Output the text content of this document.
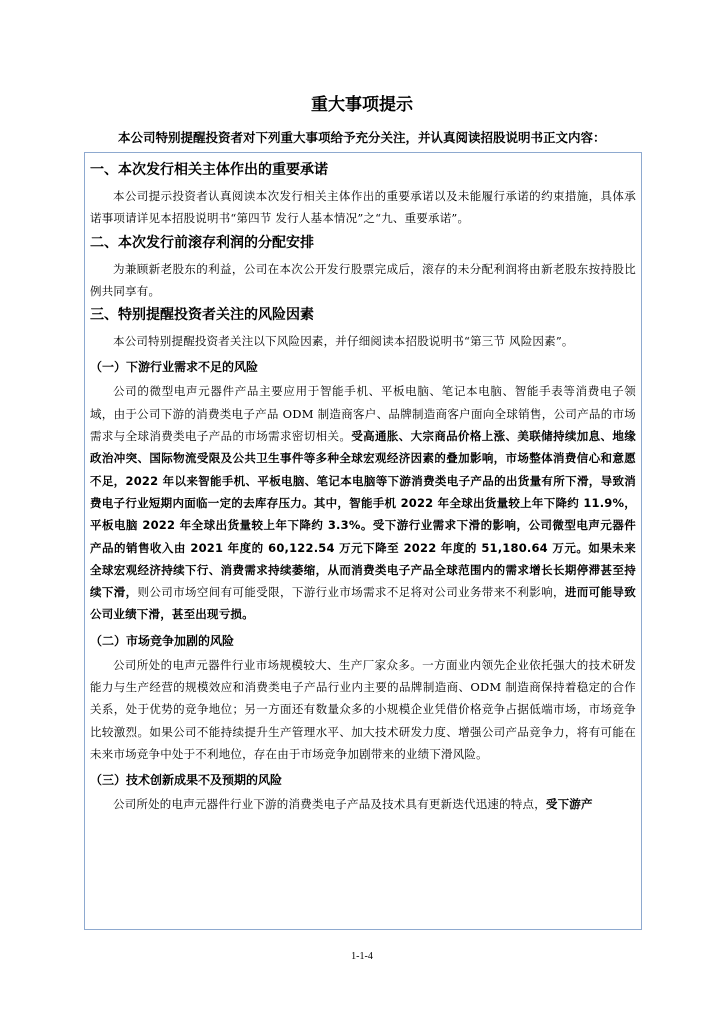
重大事项提示

本公司特别提醒投资者对下列重大事项给予充分关注，并认真阅读招股说明书正文内容：

一、本次发行相关主体作出的重要承诺

本公司提示投资者认真阅读本次发行相关主体作出的重要承诺以及未能履行承诺的约束措施，具体承诺事项请详见本招股说明书“第四节 发行人基本情况”之“九、重要承诺”。

二、本次发行前滚存利润的分配安排

为兼顾新老股东的利益，公司在本次公开发行股票完成后，滚存的未分配利润将由新老股东按持股比例共同享有。

三、特别提醒投资者关注的风险因素

本公司特别提醒投资者关注以下风险因素，并仔细阅读本招股说明书“第三节 风险因素”。

（一）下游行业需求不足的风险

公司的微型电声元器件产品主要应用于智能手机、平板电脑、笔记本电脑、智能手表等消费电子领域，由于公司下游的消费类电子产品 ODM 制造商客户、品牌制造商客户面向全球销售，公司产品的市场需求与全球消费类电子产品的市场需求密切相关。受高通胀、大宗商品价格上涨、美联储持续加息、地缘政治冲突、国际物流受限及公共卫生事件等多种全球宏观经济因素的叠加影响，市场整体消费信心和意愿不足，2022 年以来智能手机、平板电脑、笔记本电脑等下游消费类电子产品的出货量有所下滑，导致消费电子行业短期内面临一定的去库存压力。其中，智能手机 2022 年全球出货量较上年下降约 11.9%，平板电脑 2022 年全球出货量较上年下降约 3.3%。受下游行业需求下滑的影响，公司微型电声元器件产品的销售收入由 2021 年度的 60,122.54 万元下降至 2022 年度的 51,180.64 万元。如果未来全球宏观经济持续下行、消费需求持续萎缩，从而消费类电子产品全球范围内的需求增长长期停滞甚至持续下滑，则公司市场空间有可能受限，下游行业市场需求不足将对公司业务带来不利影响，进而可能导致公司业绩下滑，甚至出现亏损。

（二）市场竞争加剧的风险

公司所处的电声元器件行业市场规模较大、生产厂家众多。一方面业内领先企业依托强大的技术研发能力与生产经营的规模效应和消费类电子产品行业内主要的品牌制造商、ODM 制造商保持着稳定的合作关系，处于优势的竞争地位；另一方面还有数量众多的小规模企业凭借价格竞争占据低端市场，市场竞争比较激烈。如果公司不能持续提升生产管理水平、加大技术研发力度、增强公司产品竞争力，将有可能在未来市场竞争中处于不利地位，存在由于市场竞争加剧带来的业绩下滑风险。

（三）技术创新成果不及预期的风险

公司所处的电声元器件行业下游的消费类电子产品及技术具有更新迭代迅速的特点，受下游产

1-1-4
